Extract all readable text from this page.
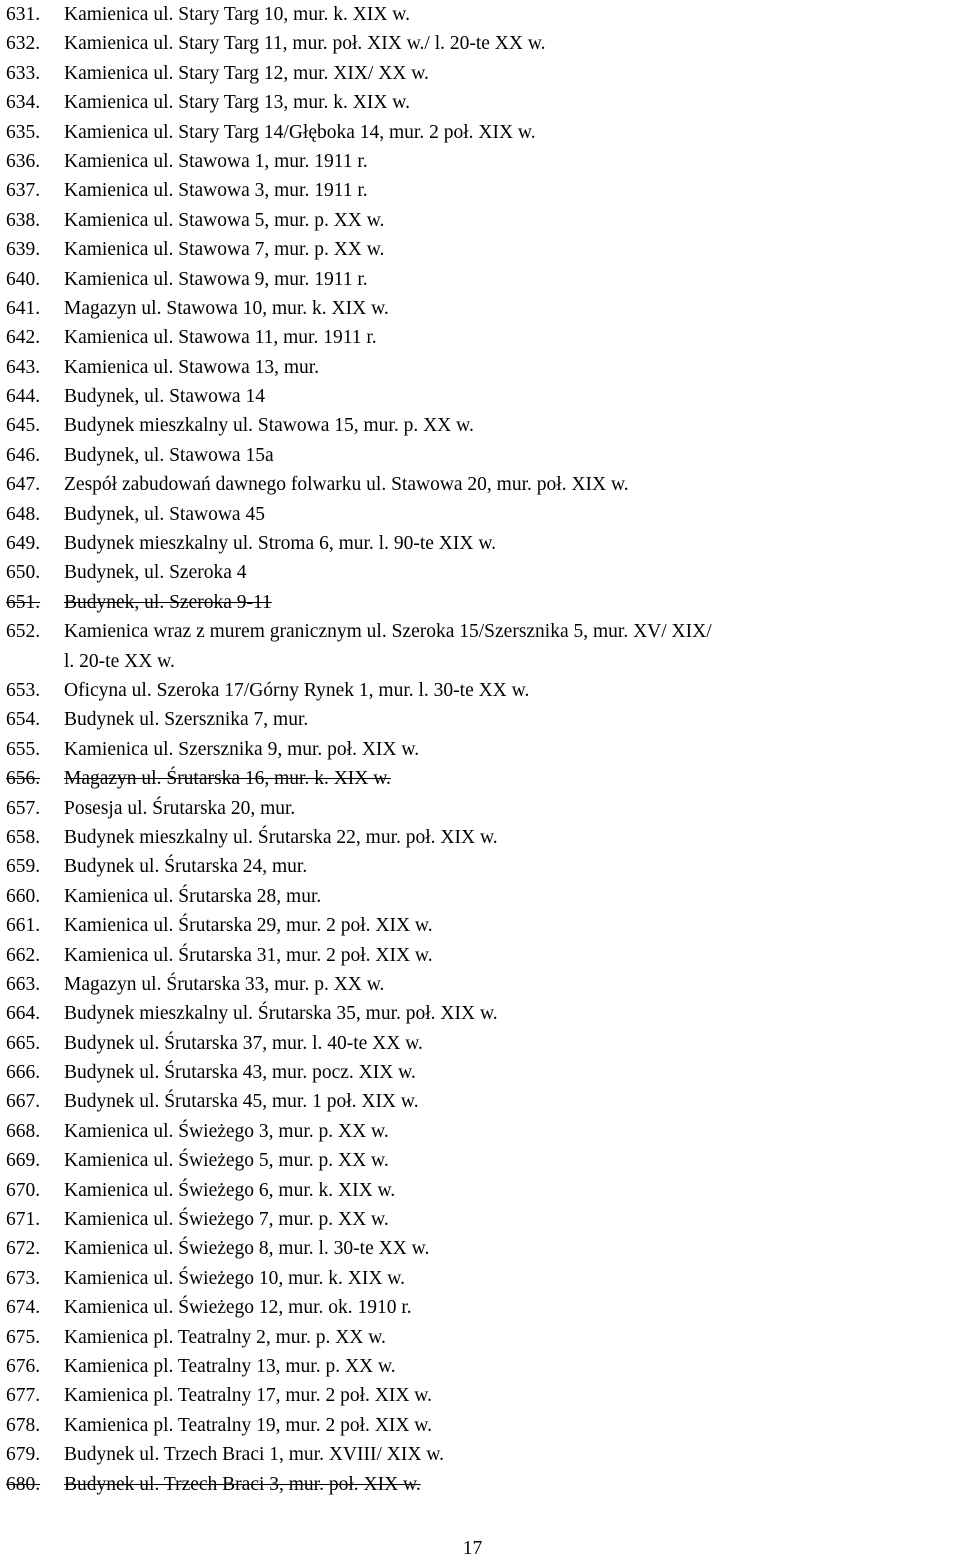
631. Kamienica ul. Stary Targ 10, mur. k. XIX w.
632. Kamienica ul. Stary Targ 11, mur. poł. XIX w./ l. 20-te XX w.
633. Kamienica ul. Stary Targ 12, mur. XIX/ XX w.
634. Kamienica ul. Stary Targ 13, mur. k. XIX w.
635. Kamienica ul. Stary Targ 14/Głęboka 14, mur. 2 poł. XIX w.
636. Kamienica ul. Stawowa 1, mur. 1911 r.
637. Kamienica ul. Stawowa 3, mur. 1911 r.
638. Kamienica ul. Stawowa 5, mur. p. XX w.
639. Kamienica ul. Stawowa 7, mur. p. XX w.
640. Kamienica ul. Stawowa 9, mur. 1911 r.
641. Magazyn ul. Stawowa 10, mur. k. XIX w.
642. Kamienica ul. Stawowa 11, mur. 1911 r.
643. Kamienica ul. Stawowa 13, mur.
644. Budynek, ul. Stawowa 14
645. Budynek mieszkalny ul. Stawowa 15, mur. p. XX w.
646. Budynek, ul. Stawowa 15a
647. Zespół zabudowań dawnego folwarku ul. Stawowa 20, mur. poł. XIX w.
648. Budynek, ul. Stawowa 45
649. Budynek mieszkalny ul. Stroma 6, mur. l. 90-te XIX w.
650. Budynek, ul. Szeroka 4
651. Budynek, ul. Szeroka 9-11
652.	Kamienica wraz z murem granicznym ul. Szeroka 15/Szersznika 5, mur. XV/ XIX/
l. 20-te XX w.
653. Oficyna ul. Szeroka 17/Górny Rynek 1, mur. l. 30-te XX w.
654. Budynek ul. Szersznika 7, mur.
655. Kamienica ul. Szersznika 9, mur. poł. XIX w.
656. Magazyn ul. Śrutarska 16, mur. k. XIX w.
657. Posesja ul. Śrutarska 20, mur.
658. Budynek mieszkalny ul. Śrutarska 22, mur. poł. XIX w.
659. Budynek ul. Śrutarska 24, mur.
660. Kamienica ul. Śrutarska 28, mur.
661. Kamienica ul. Śrutarska 29, mur. 2 poł. XIX w.
662. Kamienica ul. Śrutarska 31, mur. 2 poł. XIX w.
663. Magazyn ul. Śrutarska 33, mur. p. XX w.
664. Budynek mieszkalny ul. Śrutarska 35, mur. poł. XIX w.
665. Budynek ul. Śrutarska 37, mur. l. 40-te XX w.
666. Budynek ul. Śrutarska 43, mur. pocz. XIX w.
667. Budynek ul. Śrutarska 45, mur. 1 poł. XIX w.
668. Kamienica ul. Świeżego 3, mur. p. XX w.
669. Kamienica ul. Świeżego 5, mur. p. XX w.
670. Kamienica ul. Świeżego 6, mur. k. XIX w.
671. Kamienica ul. Świeżego 7, mur. p. XX w.
672. Kamienica ul. Świeżego 8, mur. l. 30-te XX w.
673. Kamienica ul. Świeżego 10, mur. k. XIX w.
674. Kamienica ul. Świeżego 12, mur. ok. 1910 r.
675. Kamienica pl. Teatralny 2, mur. p. XX w.
676. Kamienica pl. Teatralny 13, mur. p. XX w.
677. Kamienica pl. Teatralny 17, mur. 2 poł. XIX w.
678. Kamienica pl. Teatralny 19, mur. 2 poł. XIX w.
679. Budynek ul. Trzech Braci 1, mur. XVIII/ XIX w.
680. Budynek ul. Trzech Braci 3, mur. poł. XIX w.
17
